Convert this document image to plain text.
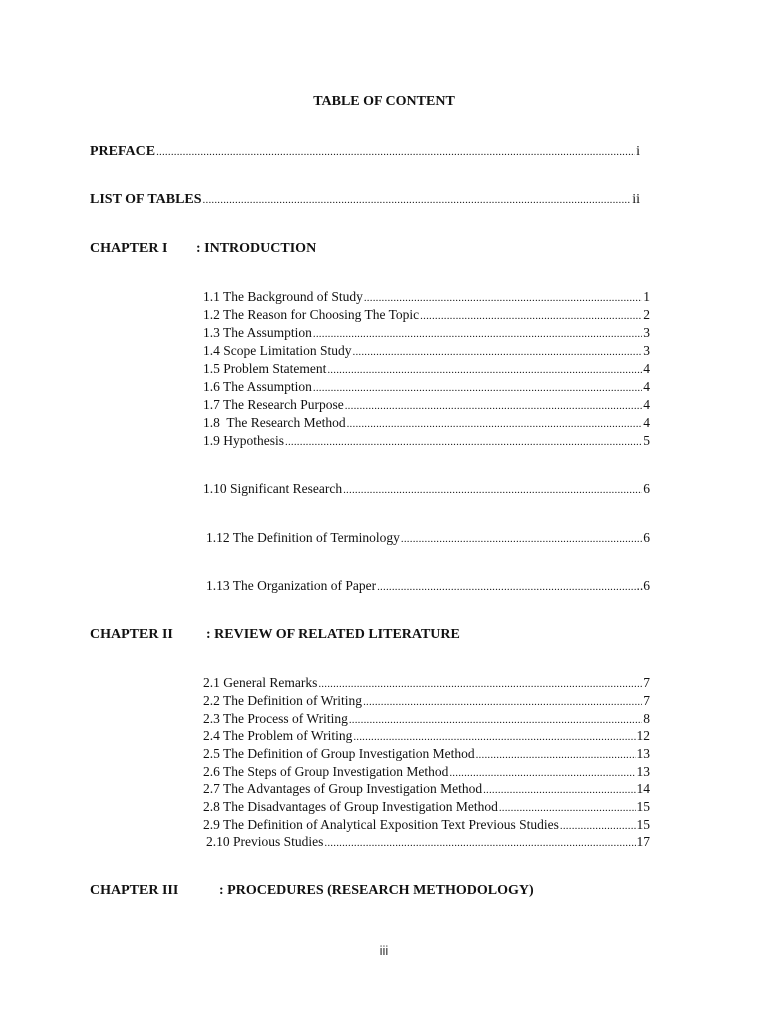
TABLE OF CONTENT
PREFACE .....	i
LIST OF TABLES .....	ii
CHAPTER I : INTRODUCTION
1.1 The Background of Study .....	1
1.2 The Reason for Choosing The Topic .....	2
1.3 The Assumption .....	3
1.4 Scope Limitation Study .....	3
1.5 Problem Statement .....	4
1.6 The Assumption .....	4
1.7 The Research Purpose .....	4
1.8  The Research Method .....	4
1.9 Hypothesis .....	5
1.10 Significant Research .....	6
1.12 The Definition of Terminology .....	6
1.13 The Organization of Paper .....	..6
CHAPTER II : REVIEW OF RELATED LITERATURE
2.1 General Remarks .....	7
2.2 The Definition of Writing .....	7
2.3 The Process of Writing .....	8
2.4 The Problem of Writing .....	12
2.5 The Definition of Group Investigation Method .....	13
2.6 The Steps of Group Investigation Method .....	13
2.7 The Advantages of Group Investigation Method .....	14
2.8 The Disadvantages of Group Investigation Method .....	15
2.9 The Definition of Analytical Exposition Text Previous Studies .....	15
2.10 Previous Studies .....	17
CHAPTER III	: PROCEDURES (RESEARCH METHODOLOGY)
iii
